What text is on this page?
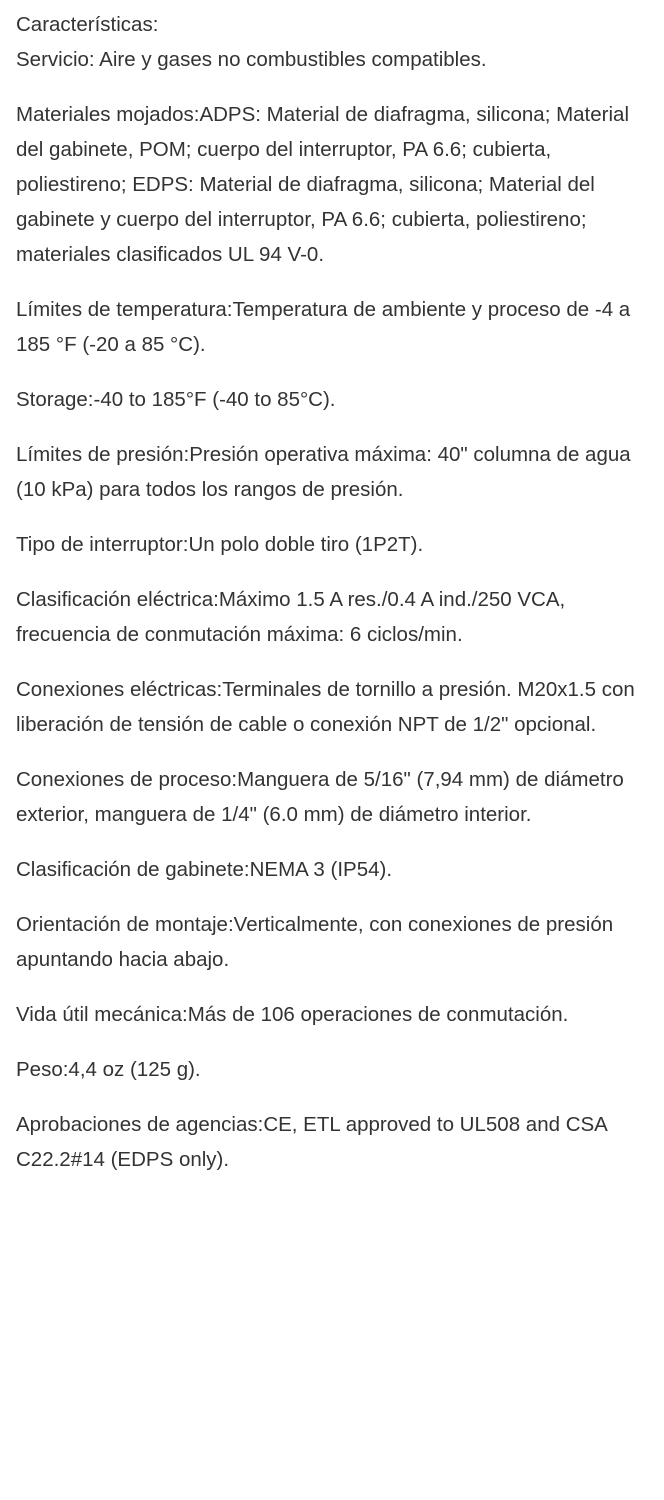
Características:

Servicio: Aire y gases no combustibles compatibles.
Materiales mojados:ADPS: Material de diafragma, silicona; Material del gabinete, POM; cuerpo del interruptor, PA 6.6; cubierta, poliestireno; EDPS: Material de diafragma, silicona; Material del gabinete y cuerpo del interruptor, PA 6.6; cubierta, poliestireno; materiales clasificados UL 94 V-0.
Límites de temperatura:Temperatura de ambiente y proceso de -4 a 185 °F (-20 a 85 °C).
Storage:-40 to 185°F (-40 to 85°C).
Límites de presión:Presión operativa máxima: 40" columna de agua (10 kPa) para todos los rangos de presión.
Tipo de interruptor:Un polo doble tiro (1P2T).
Clasificación eléctrica:Máximo 1.5 A res./0.4 A ind./250 VCA, frecuencia de conmutación máxima: 6 ciclos/min.
Conexiones eléctricas:Terminales de tornillo a presión. M20x1.5 con liberación de tensión de cable o conexión NPT de 1/2" opcional.
Conexiones de proceso:Manguera de 5/16" (7,94 mm) de diámetro exterior, manguera de 1/4" (6.0 mm) de diámetro interior.
Clasificación de gabinete:NEMA 3 (IP54).
Orientación de montaje:Verticalmente, con conexiones de presión apuntando hacia abajo.
Vida útil mecánica:Más de 106 operaciones de conmutación.
Peso:4,4 oz (125 g).
Aprobaciones de agencias:CE, ETL approved to UL508 and CSA C22.2#14 (EDPS only).
